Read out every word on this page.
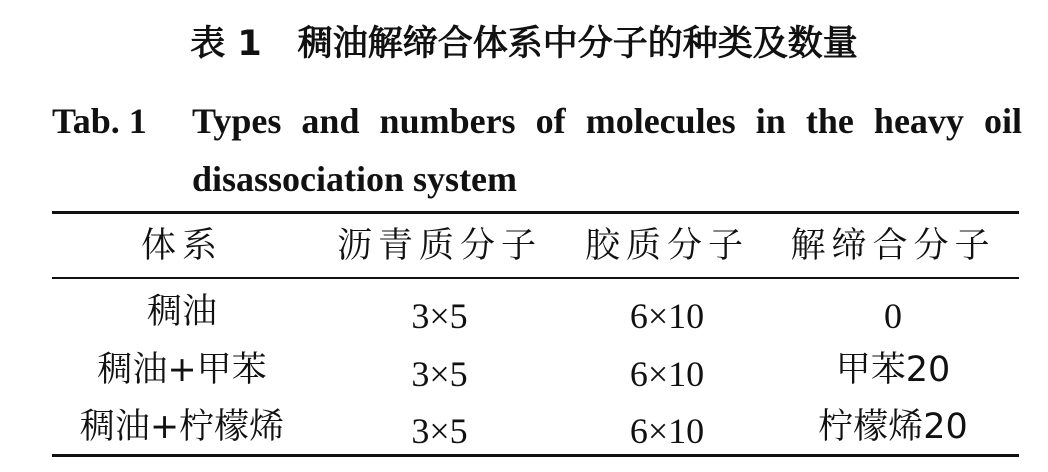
表 1 稠油解缔合体系中分子的种类及数量
Tab. 1 Types and numbers of molecules in the heavy oil disassociation system
体系	沥青质分子	胶质分子	解缔合分子
稠油	3×5	6×10	0
稠油+甲苯	3×5	6×10	甲苯20
稠油+柠檬烯	3×5	6×10	柠檬烯20
